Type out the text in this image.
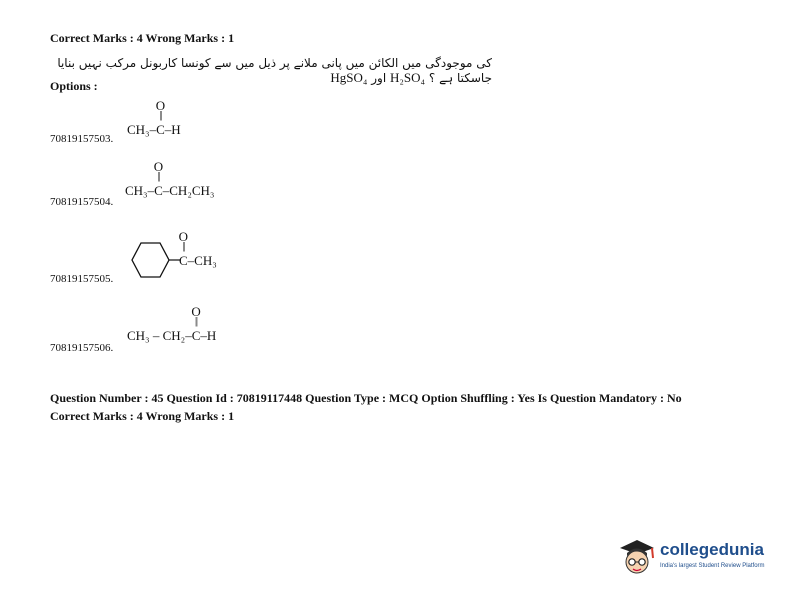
Correct Marks : 4 Wrong Marks : 1
کی موجودگی میں الکائن میں پانی ملانے پر ذیل میں سے کونسا کاربونل مرکب نہیں بنایا جاسکتا ہے ؟ H₂SO₄ اور HgSO₄
Options :
70819157503.
CH₃–
O
||
C–H
70819157504.
CH₃–
O
||
C–CH₂CH₃
70819157505.
O
||
C–CH₃
70819157506.
CH₃ – CH₂–
O
||
C–H
Question Number : 45 Question Id : 70819117448 Question Type : MCQ Option Shuffling : Yes Is Question Mandatory : No
Correct Marks : 4 Wrong Marks : 1
collegedunia
India's largest Student Review Platform
